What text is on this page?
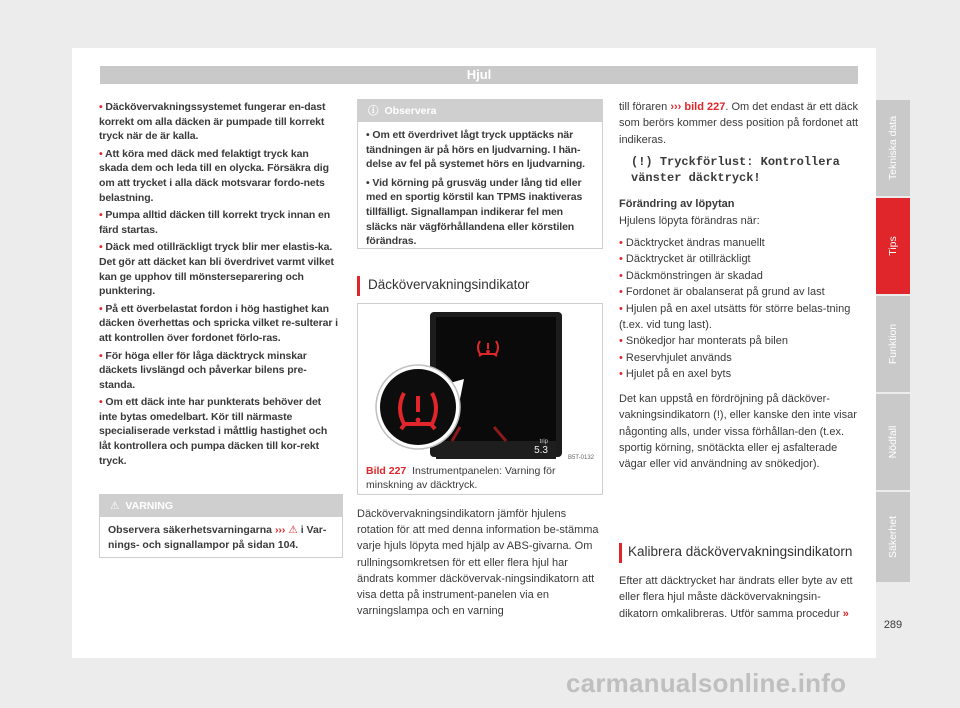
Hjul

• Däckövervakningssystemet fungerar en-dast korrekt om alla däcken är pumpade till korrekt tryck när de är kalla.

• Att köra med däck med felaktigt tryck kan skada dem och leda till en olycka. Försäkra dig om att trycket i alla däck motsvarar fordo-nets belastning.

• Pumpa alltid däcken till korrekt tryck innan en färd startas.

• Däck med otillräckligt tryck blir mer elastis-ka. Det gör att däcket kan bli överdrivet varmt vilket kan ge upphov till mönsterseparering och punktering.

• På ett överbelastat fordon i hög hastighet kan däcken överhettas och spricka vilket re-sulterar i att kontrollen över fordonet förlo-ras.

• För höga eller för låga däcktryck minskar däckets livslängd och påverkar bilens pre-standa.

• Om ett däck inte har punkterats behöver det inte bytas omedelbart. Kör till närmaste specialiserade verkstad i måttlig hastighet och låt kontrollera och pumpa däcken till kor-rekt tryck.

⚠ VARNING
Observera säkerhetsvarningarna ››› ⚠ i Var-nings- och signallampor på sidan 104.
ⓘ Observera

• Om ett överdrivet lågt tryck upptäcks när tändningen är på hörs en ljudvarning. I hän-delse av fel på systemet hörs en ljudvarning.

• Vid körning på grusväg under lång tid eller med en sportig körstil kan TPMS inaktiveras tillfälligt. Signallampan indikerar fel men släcks när vägförhållandena eller körstilen förändras.

Däckövervakningsindikator
trip
5.3
B5T-0132
Bild 227 Instrumentpanelen: Varning för minskning av däcktryck.
Däckövervakningsindikatorn jämför hjulens rotation för att med denna information be-stämma varje hjuls löpyta med hjälp av ABS-givarna. Om rullningsomkretsen för ett eller flera hjul har ändrats kommer däckövervak-ningsindikatorn att visa detta på instrument-panelen via en varningslampa och en varning

till föraren ››› bild 227. Om det endast är ett däck som berörs kommer dess position på fordonet att indikeras.

(!) Tryckförlust: Kontrollera vänster däcktryck!

Förändring av löpytan

Hjulens löpyta förändras när:

• Däcktrycket ändras manuellt

• Däcktrycket är otillräckligt

• Däckmönstringen är skadad

• Fordonet är obalanserat på grund av last

• Hjulen på en axel utsätts för större belas-tning (t.ex. vid tung last).

• Snökedjor har monterats på bilen

• Reservhjulet används

• Hjulet på en axel byts

Det kan uppstå en fördröjning på däcköver-vakningsindikatorn (!), eller kanske den inte visar någonting alls, under vissa förhållan-den (t.ex. sportig körning, snötäckta eller ej asfalterade vägar eller vid användning av snökedjor).

Kalibrera däckövervakningsindikatorn
Efter att däcktrycket har ändrats eller byte av ett eller flera hjul måste däckövervakningsin-dikatorn omkalibreras. Utför samma procedur »
Tekniska data
Tips
Funktion
Nödfall
Säkerhet
289
carmanualsonline.info
